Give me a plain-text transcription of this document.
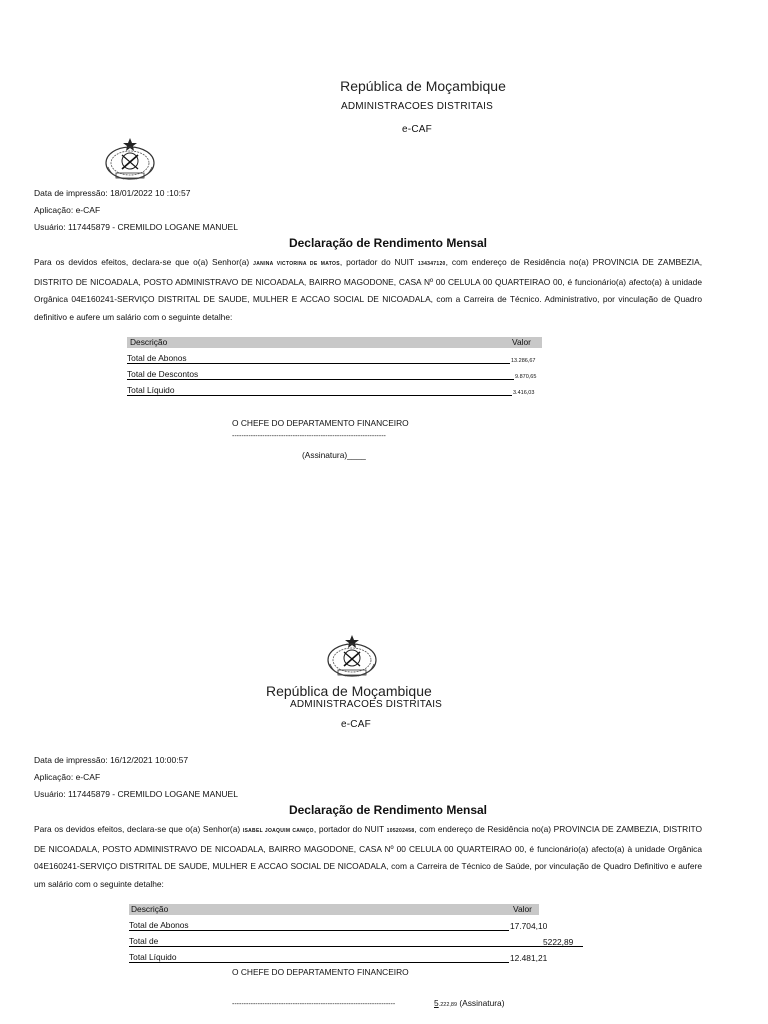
República de Moçambique
ADMINISTRACOES DISTRITAIS
e-CAF
Data de impressão: 18/01/2022 10 :10:57
Aplicação: e-CAF
Usuário: 117445879 - CREMILDO LOGANE MANUEL
Declaração de Rendimento Mensal
Para os devidos efeitos, declara-se que o(a) Senhor(a) JANINA VICTORINA DE MATOS, portador do NUIT 134347120, com endereço de Residência no(a) PROVINCIA DE ZAMBEZIA, DISTRITO DE NICOADALA, POSTO ADMINISTRAVO DE NICOADALA, BAIRRO MAGODONE, CASA Nº 00 CELULA 00 QUARTEIRAO 00, é funcionário(a) afecto(a) à unidade Orgânica 04E160241-SERVIÇO DISTRITAL DE SAUDE, MULHER E ACCAO SOCIAL DE NICOADALA, com a Carreira de Técnico. Administrativo, por vinculação de Quadro definitivo e aufere um salário com o seguinte detalhe:
Descrição	Valor
Total de Abonos	13.286,67
Total de Descontos	9.870,65
Total Líquido	3.416,03
O CHEFE DO DEPARTAMENTO FINANCEIRO
------------------------------------------------------------------
(Assinatura)____
República de Moçambique
ADMINISTRACOES DISTRITAIS
e-CAF
Data de impressão: 16/12/2021 10:00:57
Aplicação: e-CAF
Usuário: 117445879 - CREMILDO LOGANE MANUEL
Declaração de Rendimento Mensal
Para os devidos efeitos, declara-se que o(a) Senhor(a) ISABEL JOAQUIM CANIÇO, portador do NUIT 105202458, com endereço de Residência no(a) PROVINCIA DE ZAMBEZIA, DISTRITO DE NICOADALA, POSTO ADMINISTRAVO DE NICOADALA, BAIRRO MAGODONE, CASA Nº 00 CELULA 00 QUARTEIRAO 00, é funcionário(a) afecto(a) à unidade Orgânica 04E160241-SERVIÇO DISTRITAL DE SAUDE, MULHER E ACCAO SOCIAL DE NICOADALA, com a Carreira de Técnico de Saúde, por vinculação de Quadro Definitivo e aufere um salário com o seguinte detalhe:
Descrição	Valor
Total de Abonos	17.704,10
Total de	5222,89
Total Líquido	12.481,21
O CHEFE DO DEPARTAMENTO FINANCEIRO
----------------------------------------------------------------------	5.222,89 (Assinatura)
